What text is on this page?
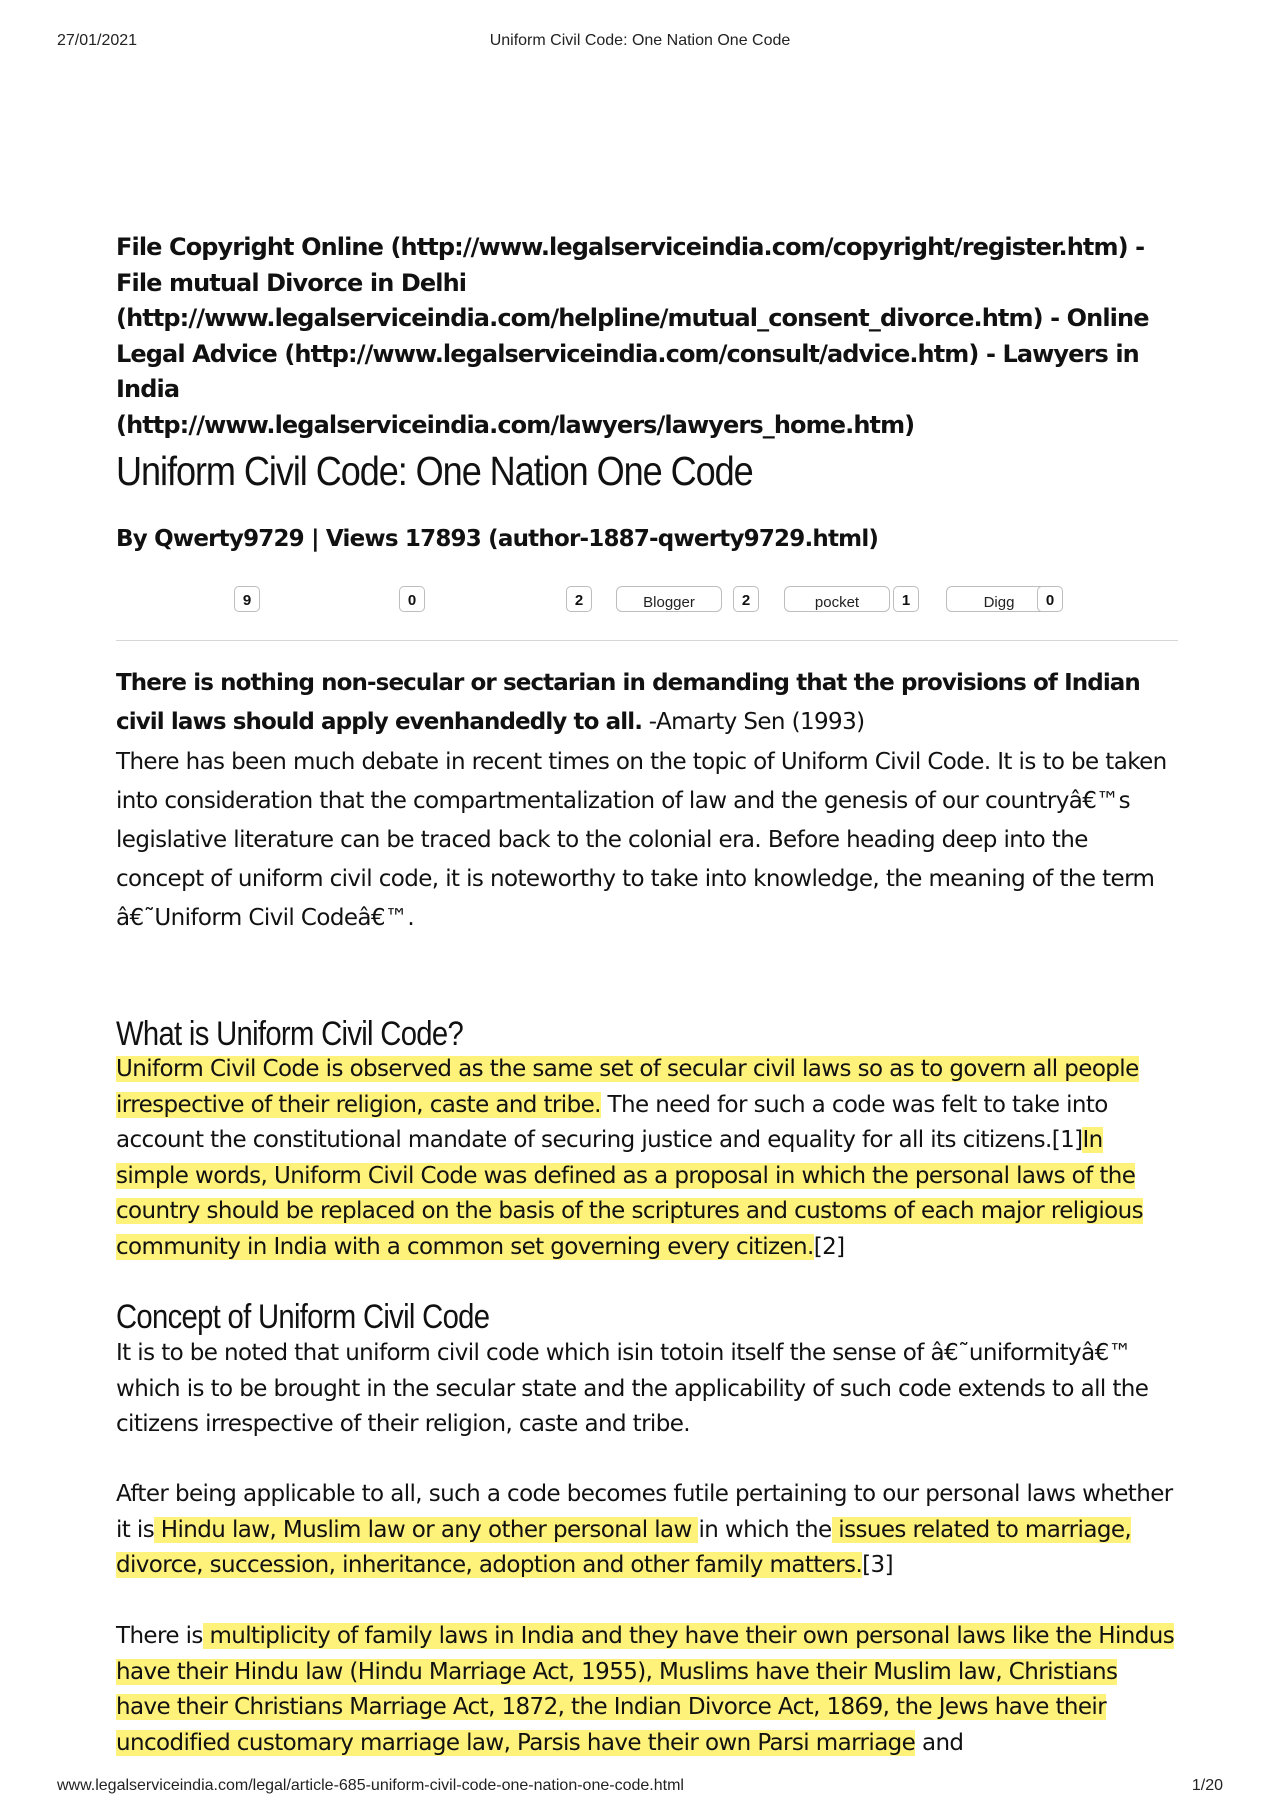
27/01/2021	Uniform Civil Code: One Nation One Code

File Copyright Online (http://www.legalserviceindia.com/copyright/register.htm) - File mutual Divorce in Delhi
(http://www.legalserviceindia.com/helpline/mutual_consent_divorce.htm) - Online Legal Advice (http://www.legalserviceindia.com/consult/advice.htm) - Lawyers in India
(http://www.legalserviceindia.com/lawyers/lawyers_home.htm)

Uniform Civil Code: One Nation One Code
By Qwerty9729 | Views 17893 (author-1887-qwerty9729.html)
9	0	2	Blogger	2	pocket	1	Digg	0

There is nothing non-secular or sectarian in demanding that the provisions of Indian civil laws should apply evenhandedly to all. -Amarty Sen (1993)

There has been much debate in recent times on the topic of Uniform Civil Code. It is to be taken into consideration that the compartmentalization of law and the genesis of our countryâ€™s legislative literature can be traced back to the colonial era. Before heading deep into the concept of uniform civil code, it is noteworthy to take into knowledge, the meaning of the term â€˜Uniform Civil Codeâ€™.

What is Uniform Civil Code?

Uniform Civil Code is observed as the same set of secular civil laws so as to govern all people irrespective of their religion, caste and tribe. The need for such a code was felt to take into account the constitutional mandate of securing justice and equality for all its citizens.[1]In simple words, Uniform Civil Code was defined as a proposal in which the personal laws of the country should be replaced on the basis of the scriptures and customs of each major religious community in India with a common set governing every citizen.[2]

Concept of Uniform Civil Code

It is to be noted that uniform civil code which isin totoin itself the sense of â€˜uniformityâ€™ which is to be brought in the secular state and the applicability of such code extends to all the citizens irrespective of their religion, caste and tribe.

After being applicable to all, such a code becomes futile pertaining to our personal laws whether it is Hindu law, Muslim law or any other personal law in which the issues related to marriage, divorce, succession, inheritance, adoption and other family matters.[3]

There is multiplicity of family laws in India and they have their own personal laws like the Hindus have their Hindu law (Hindu Marriage Act, 1955), Muslims have their Muslim law, Christians have their Christians Marriage Act, 1872, the Indian Divorce Act, 1869, the Jews have their uncodified customary marriage law, Parsis have their own Parsi marriage and

www.legalserviceindia.com/legal/article-685-uniform-civil-code-one-nation-one-code.html	1/20
